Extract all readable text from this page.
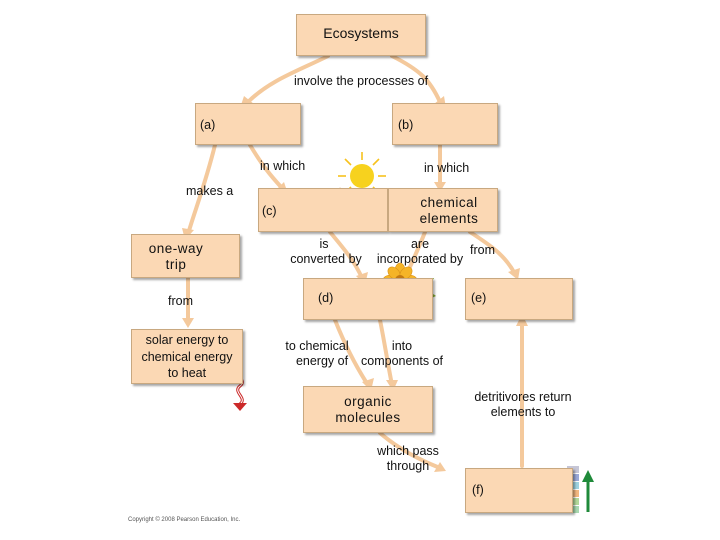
Ecosystems
involve the processes of
(a)	(b)
in which	in which
makes a
(c)
chemical
elements
one-way
trip
is
converted by
are
incorporated by
from
from	(d)	(e)
solar energy to
chemical energy
to heat
to chemical
energy of
into
components of
organic
molecules
detritivores return
elements to
which pass
through
(f)
Copyright © 2008 Pearson Education, Inc.
